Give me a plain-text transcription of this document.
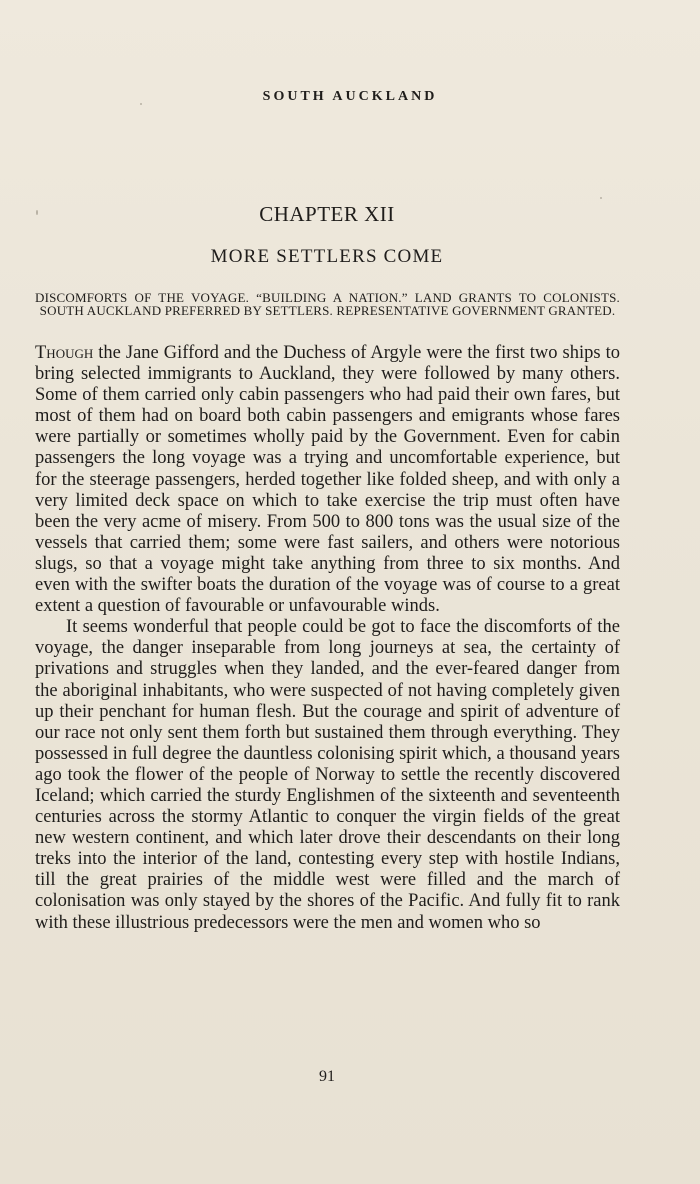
SOUTH AUCKLAND
CHAPTER XII
MORE SETTLERS COME
DISCOMFORTS OF THE VOYAGE. “BUILDING A NATION.” LAND GRANTS TO COLONISTS. SOUTH AUCKLAND PREFERRED BY SETTLERS. REPRESENTATIVE GOVERNMENT GRANTED.

Though the Jane Gifford and the Duchess of Argyle were the first two ships to bring selected immigrants to Auckland, they were followed by many others. Some of them carried only cabin passengers who had paid their own fares, but most of them had on board both cabin passengers and emigrants whose fares were partially or sometimes wholly paid by the Government. Even for cabin passengers the long voyage was a trying and uncomfortable experience, but for the steerage passengers, herded together like folded sheep, and with only a very limited deck space on which to take exercise the trip must often have been the very acme of misery. From 500 to 800 tons was the usual size of the vessels that carried them; some were fast sailers, and others were notorious slugs, so that a voyage might take anything from three to six months. And even with the swifter boats the duration of the voyage was of course to a great extent a question of favourable or unfavourable winds.

It seems wonderful that people could be got to face the discomforts of the voyage, the danger inseparable from long journeys at sea, the certainty of privations and struggles when they landed, and the ever-feared danger from the aboriginal inhabitants, who were suspected of not having completely given up their penchant for human flesh. But the courage and spirit of adventure of our race not only sent them forth but sustained them through everything. They possessed in full degree the dauntless colonising spirit which, a thousand years ago took the flower of the people of Norway to settle the recently discovered Iceland; which carried the sturdy Englishmen of the sixteenth and seventeenth centuries across the stormy Atlantic to conquer the virgin fields of the great new western continent, and which later drove their descendants on their long treks into the interior of the land, contesting every step with hostile Indians, till the great prairies of the middle west were filled and the march of colonisation was only stayed by the shores of the Pacific. And fully fit to rank with these illustrious predecessors were the men and women who so

91
